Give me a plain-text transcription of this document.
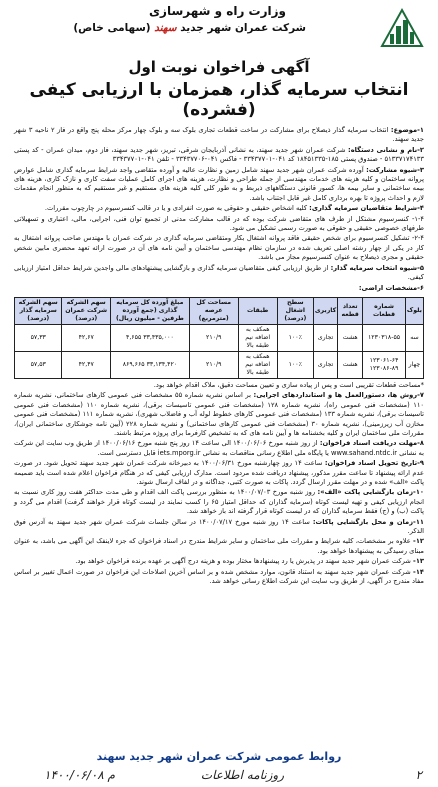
وزارت راه و شهرسازی
شرکت عمران شهر جدید سهند (سهامی خاص)
آگهی فراخوان نوبت اول
انتخاب سرمایه گذار، همزمان با ارزیابی کیفی (فشرده)

۱-موضوع: انتخاب سرمایه گذار ذیصلاح برای مشارکت در ساخت قطعات تجاری بلوک سه و بلوک چهار مرکز محله پنج واقع در فاز ۲ ناحیه ۳ شهر جدید سهند.

۲-نام و نشانی دستگاه: شرکت عمران شهر جدید سهند، به نشانی آذربایجان شرقی، تبریز، شهر جدید سهند، فاز دوم، میدان عمران - کد پستی ۵۱۳۳۷۱۷۴۱۳۳ - صندوق پستی ۱۸۵-۱۸۴۵۱۳۳۵ کد ۰۴۱-۳۳۴۳۷۷۰۱ - فاکس ۰۴۱-۳۳۴۳۷۷۰۶ - تلفن ۰۴۱-۳۳۴۳۷۷۰۱

۳-شیوه مشارکت: آورده شرکت عمران شهر جدید سهند شامل زمین و نظارت عالیه و آورده متقاضی واجد شرایط سرمایه گذاری شامل عوارض پروانه ساختمان و کلیه هزینه های خدمات مهندسی از جمله طراحی و نظارت، هزینه های اجرای کامل عملیات سفت کاری و نازک کاری، هزینه های بیمه ساختمانی و سایر بیمه ها، کسور قانونی دستگاههای ذیربط و به طور کلی کلیه هزینه های مستقیم و غیر مستقیم که به منظور انجام مقدمات لازم و احداث پروژه تا بهره برداری کامل غیر قابل اجتناب باشد.

۴-شرایط متقاضیان سرمایه گذاری: کلیه اشخاص حقیقی و حقوقی به صورت انفرادی و یا در قالب کنسرسیوم در چارچوب مقررات.

۱-۴- کنسرسیوم مشتکل از طرف های متقاضی شرکت بوده که در قالب مشارکت مدنی از تجمیع توان فنی، اجرایی، مالی، اعتباری و تسهیلاتی طرفهای خصوصی حقیقی و حقوقی به صورت رسمی تشکیل می شود.

۲-۴- تشکیل کنسرسیوم برای شخص حقیقی فاقد پروانه اشتغال بکار ومتقاضی سرمایه گذاری در شرکت عمران با مهندس صاحب پروانه اشتغال به کار در یکی از چهار رشته اصلی تعریف شده در سازمان نظام مهندسی ساختمان و آیین نامه های آن در صورت ارائه تعهد محضری مابین شخص حقیقی و مجری ذیصلاح به عنوان کنسرسیوم مجاز می باشد.

۵-شیوه انتخاب سرمایه گذار: از طریق ارزیابی کیفی متقاضیان سرمایه گذاری و بازگشایی پیشنهادهای مالی واجدین شرایط حداقل امتیاز ارزیابی کیفی.

۶-مشخصات اراضی:

بلوک	شماره قطعات	تعداد قطعه	کاربری	سطح اشغال (درصد)	طبقات	مساحت کل عرصه (مترمربع)	مبلغ آورده کل سرمایه گذاری (جمع آورده طرفین - میلیون ریال)	سهم الشرکه شرکت عمران (درصد)	سهم الشرکه سرمایه گذار (درصد)
سه	۱۲۳۰۳۱۸-۵۵	هشت	تجاری	۱۰۰٪	همکف به اضافه نیم طبقه بالا	۲۱۰/۹	۳۳,۴۳۵,۰۰۰ ۴,۶۵۵	۴۲,۶۷	۵۷,۳۳
چهار	۱۲۳۰۶۱-۶۴ ۱۲۳۰۸۶-۸۹	هشت	تجاری	۱۰۰٪	همکف به اضافه نیم طبقه بالا	۲۱۰/۹	۳۳,۱۳۴,۴۲۰ ۸۶۹,۶۶۵	۴۲,۴۷	۵۷,۵۳

*مساحت قطعات تقریبی است و پس از پیاده سازی و تعیین مساحت دقیق، ملاک اقدام خواهد بود.

۷-روش ها، دستورالعمل ها و استانداردهای اجرایی: بر اساس نشریه شماره ۵۵ مشخصات فنی عمومی کارهای ساختمانی، نشریه شماره ۱۱۰ (مشخصات فنی عمومی راه)، نشریه شماره ۱۲۸ (مشخصات فنی عمومی تاسیسات برقی)، نشریه شماره ۱۱۰ (مشخصات فنی عمومی تاسیسات برقی)، نشریه شماره ۱۳۳ (مشخصات فنی عمومی کارهای خطوط لوله آب و فاضلاب شهری)، نشریه شماره ۱۱۱ (مشخصات فنی عمومی مخازن آب زیرزمینی)، نشریه شماره ۳۰ (مشخصات فنی عمومی کارهای ساختمانی) و نشریه شماره ۲۲۸ (آیین نامه جوشکاری ساختمانی ایران)، مقررات ملی ساختمان ایران و کلیه بخشنامه ها و آیین نامه های که به تشخیص کارفرما برای پروژه مرتبط باشند.

۸-مهلت دریافت اسناد فراخوان: از روز شنبه مورخ ۱۴۰۰/۰۶/۰۶ الی ساعت ۱۴ روز پنج شنبه مورخ ۱۴۰۰/۰۶/۱۶ از طریق وب سایت این شرکت به نشانی www.sahand.ntdc.ir یا پایگاه ملی اطلاع رسانی مناقصات به نشانی iets.mporg.ir قابل دسترسی است.

۹-تاریخ تحویل اسناد فراخوان: ساعت ۱۴ روز چهارشنبه مورخ ۱۴۰۰/۰۶/۳۱ به دبیرخانه شرکت عمران شهر جدید سهند تحویل شود. در صورت عدم ارائه پیشنهاد تا ساعت مقرر مذکور، پیشنهاد دریافت شده مردود است. مدارک ارزیابی کیفی که در هنگام فراخوان اعلام شده است باید ضمیمه پاکت «الف» شده و در مهلت مقرر ارسال گردد. پاکات به صورت کتبی، جداگانه و در لفاف ارسال شوند.

۱۰-زمان بازگشایی پاکت «الف»: روز شنبه مورخ ۱۴۰۰/۰۷/۰۳ به منظور بررسی پاکت الف اقدام و طی مدت حداکثر هفت روز کاری نسبت به انجام ارزیابی کیفی و تهیه لیست کوتاه (سرمایه گذاران که حداقل امتیاز ۶۵ را کسب نمایند در لیست کوتاه قرار خواهند گرفت) اقدام می گردد و پاکت (ب) و (ج) فقط سرمایه گذاران که در لیست کوتاه قرار گرفته اند باز خواهد شد.

۱۱-زمان و محل بازگشایی پاکات: ساعت ۱۴ روز شنبه مورخ ۱۴۰۰/۰۷/۱۷ در سالن جلسات شرکت عمران شهر جدید سهند به آدرس فوق الذکر.

۱۲- علاوه بر مشخصات، کلیه شرایط و مقررات ملی ساختمان و سایر شرایط مندرج در اسناد فراخوان که جزء لاینفک این آگهی می باشد، به عنوان مبنای رسیدگی به پیشنهادها خواهد بود.

۱۳- شرکت عمران شهر جدید سهند در پذیرش یا رد پیشنهادها مختار بوده و هزینه درج آگهی بر عهده برنده فراخوان خواهد بود.

۱۴- شرکت عمران شهر جدید سهند به استناد قانون، موارد مشخص شده و بر اساس آخرین اصلاحات این فراخوان در صورت اعمال تغییر بر اساس مفاد مندرج در آگهی، از طریق وب سایت این شرکت اطلاع رسانی خواهد شد.

روابط عمومی شرکت عمران شهر جدید سهند
۲
روزنامه اطلاعات
م ۱۴۰۰/۰۶/۰۸
